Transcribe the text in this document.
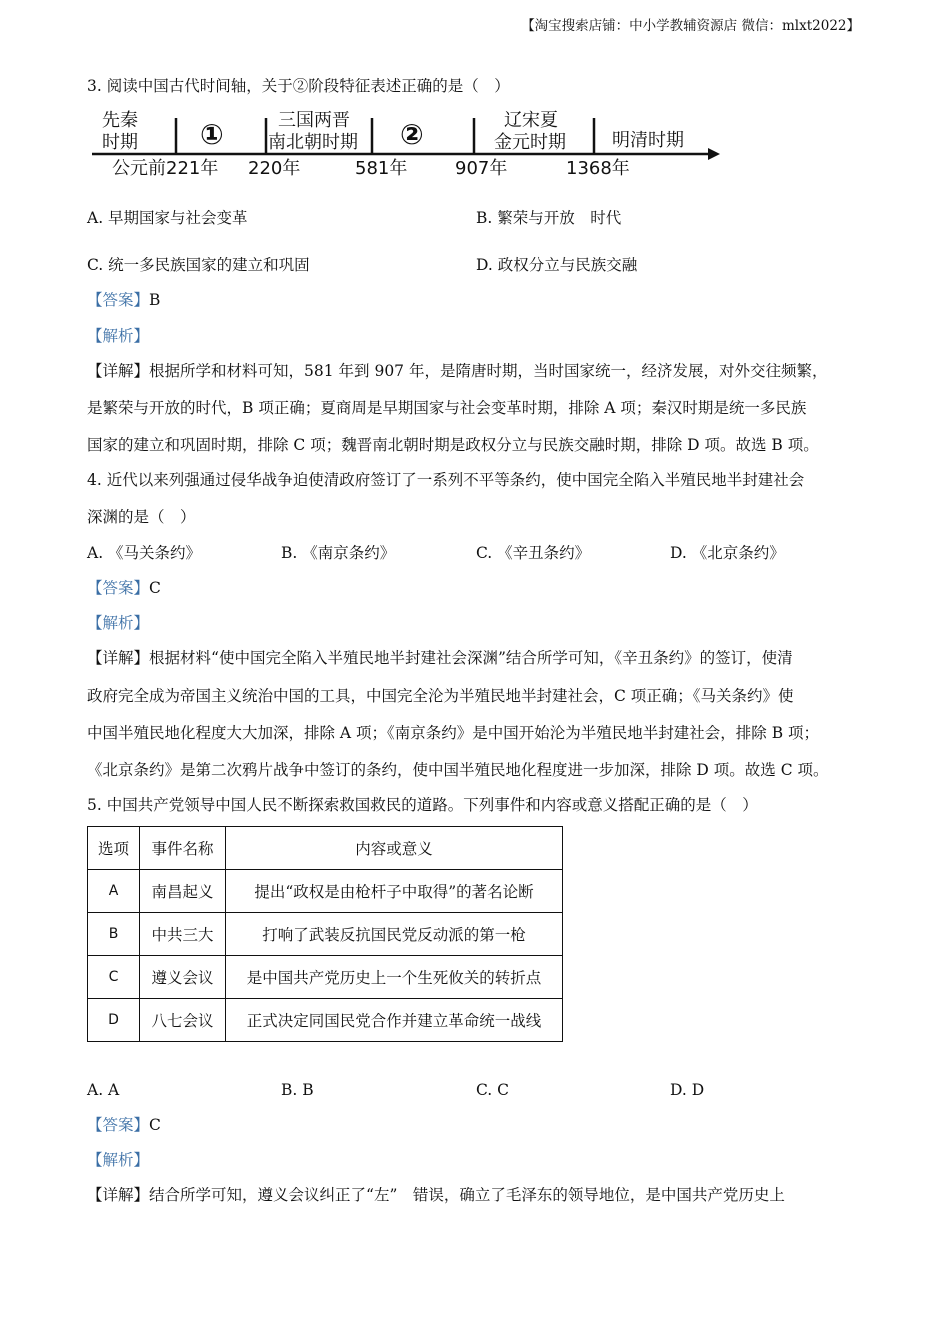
【淘宝搜索店铺：中小学教辅资源店 微信：mlxt2022】
3. 阅读中国古代时间轴，关于②阶段特征表述正确的是（　）
先秦
时期 ①	三国两晋
南北朝时期 ②	辽宋夏
金元时期	明清时期
公元前221年 220年	581年	907年	1368年
A. 早期国家与社会变革	B. 繁荣与开放　时代
C. 统一多民族国家的建立和巩固	D. 政权分立与民族交融
【答案】B
【解析】
【详解】根据所学和材料可知，581 年到 907 年，是隋唐时期，当时国家统一，经济发展，对外交往频繁，
是繁荣与开放的时代，B 项正确；夏商周是早期国家与社会变革时期，排除 A 项；秦汉时期是统一多民族
国家的建立和巩固时期，排除 C 项；魏晋南北朝时期是政权分立与民族交融时期，排除 D 项。故选 B 项。
4. 近代以来列强通过侵华战争迫使清政府签订了一系列不平等条约，使中国完全陷入半殖民地半封建社会
深渊的是（　）
A. 《马关条约》	B. 《南京条约》	C. 《辛丑条约》	D. 《北京条约》
【答案】C
【解析】
【详解】根据材料“使中国完全陷入半殖民地半封建社会深渊”结合所学可知，《辛丑条约》的签订，使清
政府完全成为帝国主义统治中国的工具，中国完全沦为半殖民地半封建社会，C 项正确；《马关条约》使
中国半殖民地化程度大大加深，排除 A 项；《南京条约》是中国开始沦为半殖民地半封建社会，排除 B 项；
《北京条约》是第二次鸦片战争中签订的条约，使中国半殖民地化程度进一步加深，排除 D 项。故选 C 项。
5. 中国共产党领导中国人民不断探索救国救民的道路。下列事件和内容或意义搭配正确的是（　）
选项	事件名称	内容或意义
A	南昌起义	提出“政权是由枪杆子中取得”的著名论断
B	中共三大	打响了武装反抗国民党反动派的第一枪
C	遵义会议	是中国共产党历史上一个生死攸关的转折点
D	八七会议	正式决定同国民党合作并建立革命统一战线
A. A	B. B	C. C	D. D
【答案】C
【解析】
【详解】结合所学可知，遵义会议纠正了“左”　错误，确立了毛泽东的领导地位，是中国共产党历史上
